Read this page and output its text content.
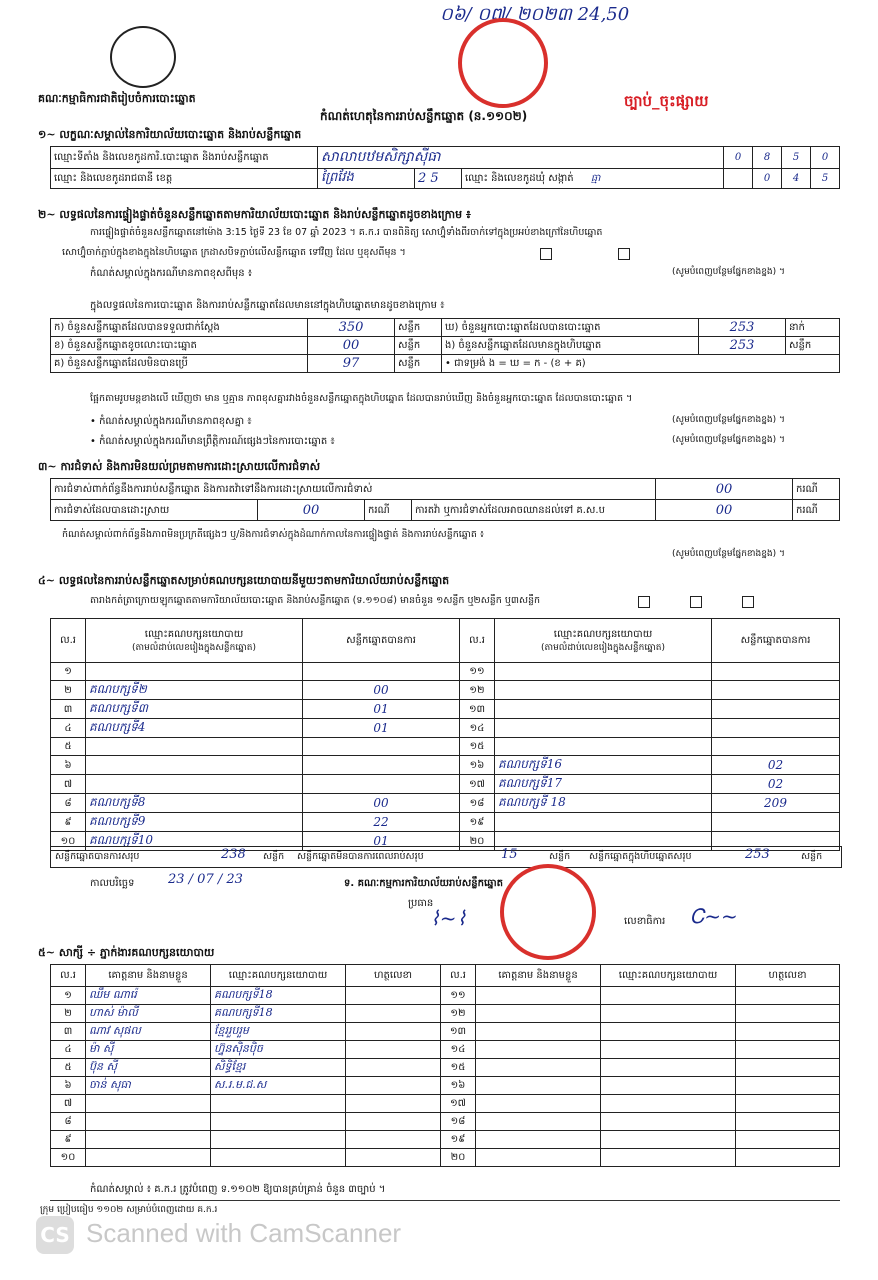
គណៈកម្មាធិការជាតិរៀបចំការបោះឆ្នោត
០៦/ ០៧/ ២០២៣ 24,50
ច្បាប់_ចុះផ្សាយ
កំណត់ហេតុនៃការរាប់សន្លឹកឆ្នោត (ន.១១០២)
១~ លក្ខណៈសម្គាល់នៃការិយាល័យបោះឆ្នោត និងរាប់សន្លឹកឆ្នោត
ឈ្មោះទីតាំង និងលេខកូដការិ.បោះឆ្នោត និងរាប់សន្លឹកឆ្នោត	សាលាបឋមសិក្សាស៊ីធា			0	8	5	0
ឈ្មោះ និងលេខកូដរាជធានី ខេត្ត	ព្រៃវែង	2 5	ឈ្មោះ និងលេខកូដឃុំ សង្កាត់ ធ្មា		0	4	5
២~ លទ្ធផលនៃការផ្ទៀងផ្ទាត់ចំនួនសន្លឹកឆ្នោតតាមការិយាល័យបោះឆ្នោត និងរាប់សន្លឹកឆ្នោតដូចខាងក្រោម ៖
ការផ្ទៀងផ្ទាត់ចំនួនសន្លឹកឆ្នោតនៅម៉ោង 3:15 ថ្ងៃទី 23 ខែ 07 ឆ្នាំ 2023 ។ គ.ក.រ បានពិនិត្យ សោហ្វ៊ុំទាំងពីរចាក់ទៅក្នុងប្រអប់ខាងក្រៅនៃហិបឆ្នោត
សោហ្វ៊ុំចាក់ភ្ជាប់ក្នុងខាងក្នុងនៃហិបឆ្នោត ក្រដាសបិទភ្ជាប់លើសន្លឹកឆ្នោត ទៅវិញ ដែល ឬខុសពីមុន ។
កំណត់សម្គាល់ក្នុងករណីមានភាពខុសពីមុន ៖	(សូមបំពេញបន្ថែមផ្នែកខាងខ្នង) ។
ក្នុងលទ្ធផលនៃការបោះឆ្នោត និងការរាប់សន្លឹកឆ្នោតដែលមាននៅក្នុងហិបឆ្នោតមានដូចខាងក្រោម ៖
ក) ចំនួនសន្លឹកឆ្នោតដែលបានទទួលជាក់ស្តែង	350	សន្លឹក	ឃ) ចំនួនអ្នកបោះឆ្នោតដែលបានបោះឆ្នោត	253	នាក់
ខ) ចំនួនសន្លឹកឆ្នោតខូចលោះបោះឆ្នោត	00	សន្លឹក	ង) ចំនួនសន្លឹកឆ្នោតដែលមានក្នុងហិបឆ្នោត	253	សន្លឹក
គ) ចំនួនសន្លឹកឆ្នោតដែលមិនបានប្រើ	97	សន្លឹក	• ជាទម្រង់ ង = ឃ = ក - (ខ + គ)		
ផ្អែកតាមរូបមន្តខាងលើ ឃើញថា មាន ឬគ្មាន ភាពខុសគ្នារវាងចំនួនសន្លឹកឆ្នោតក្នុងហិបឆ្នោត ដែលបានរាប់ឃើញ និងចំនួនអ្នកបោះឆ្នោត ដែលបានបោះឆ្នោត ។
• កំណត់សម្គាល់ក្នុងករណីមានភាពខុសគ្នា ៖	(សូមបំពេញបន្ថែមផ្នែកខាងខ្នង) ។
• កំណត់សម្គាល់ក្នុងករណីមានព្រឹត្តិការណ៍ផ្សេងៗនៃការបោះឆ្នោត ៖	(សូមបំពេញបន្ថែមផ្នែកខាងខ្នង) ។
៣~ ការជំទាស់ និងការមិនយល់ព្រមតាមការដោះស្រាយលើការជំទាស់
ការជំទាស់ពាក់ព័ន្ធនឹងការរាប់សន្លឹកឆ្នោត និងការតវ៉ាទៅនឹងការដោះស្រាយលើការជំទាស់				00	ករណី
ការជំទាស់ដែលបានដោះស្រាយ	00	ករណី	ការតវ៉ា ឬការជំទាស់ដែលអាចឈានដល់ទៅ គ.ស.ប	00	ករណី
កំណត់សម្គាល់ពាក់ព័ន្ធនឹងភាពមិនប្រក្រតីផ្សេងៗ ឬ/និងការជំទាស់ក្នុងដំណាក់កាលនៃការផ្ទៀងផ្ទាត់ និងការរាប់សន្លឹកឆ្នោត ៖
(សូមបំពេញបន្ថែមផ្នែកខាងខ្នង) ។
៤~ លទ្ធផលនៃការរាប់សន្លឹកឆ្នោតសម្រាប់គណបក្សនយោបាយនីមួយៗតាមការិយាល័យរាប់សន្លឹកឆ្នោត
តារាងកត់ត្រាក្រោយឡុកឆ្នោតតាមការិយាល័យបោះឆ្នោត និងរាប់សន្លឹកឆ្នោត (ទ.១១០៨) មានចំនួន ១សន្លឹក ឬ២សន្លឹក ឬ៣សន្លឹក
ល.រ	ឈ្មោះគណបក្សនយោបាយ
(តាមលំដាប់លេខរៀងក្នុងសន្លឹកឆ្នោត)	សន្លឹកឆ្នោតបានការ	ល.រ	ឈ្មោះគណបក្សនយោបាយ
(តាមលំដាប់លេខរៀងក្នុងសន្លឹកឆ្នោត)	សន្លឹកឆ្នោតបានការ
១			១១		
២	គណបក្សទី២	00	១២		
៣	គណបក្សទី៣	01	១៣		
៤	គណបក្សទី4	01	១៤		
៥			១៥		
៦			១៦	គណបក្សទី16	02
៧			១៧	គណបក្សទី17	02
៨	គណបក្សទី8	00	១៨	គណបក្សទី 18	209
៩	គណបក្សទី9	22	១៩		
១០	គណបក្សទី10	01	២០		
សន្លឹកឆ្នោតបានការសរុប	238 សន្លឹក សន្លឹកឆ្នោតមិនបានការពេលរាប់សរុប	15	សន្លឹក សន្លឹកឆ្នោតក្នុងហិបឆ្នោតសរុប	253	សន្លឹក
កាលបរិច្ឆេទ	23 / 07 / 23	ទ. គណៈកម្មការការិយាល័យរាប់សន្លឹកឆ្នោត
ប្រធាន
⌇~⌇	លេខាធិការ Ꮯ~~
៥~ សាក្សី ÷ ភ្នាក់ងារគណបក្សនយោបាយ
ល.រ	គោត្តនាម និងនាមខ្លួន	ឈ្មោះគណបក្សនយោបាយ	ហត្ថលេខា	ល.រ	គោត្តនាម និងនាមខ្លួន	ឈ្មោះគណបក្សនយោបាយ	ហត្ថលេខា
១	ឈឹម ណារ៉េ	គណបក្សទី18		១១			
២	ហាស់ ម៉ាលី	គណបក្សទី18		១២			
៣	ណាវ សុផល	ខ្មែររួបរួម		១៣			
៤	ម៉ា ស៊ី	ហ្វ៊ុនស៊ិនប៉ិច		១៤			
៥	ប៊ុន ស៊ី	សិទ្ធិខ្មែរ		១៥			
៦	ចាន់ សុធា	ស.រ.ម.ជ.ស		១៦			
៧				១៧			
៨				១៨			
៩				១៩			
១០				២០			
កំណត់សម្គាល់ ៖ គ.ក.រ ត្រូវបំពេញ ទ.១១០២ ឱ្យបានគ្រប់គ្រាន់ ចំនួន ៣ច្បាប់ ។
ក្រុម ប្រៀបធៀប ១១០២ សម្រាប់បំពេញដោយ គ.ក.រ
CS Scanned with CamScanner
